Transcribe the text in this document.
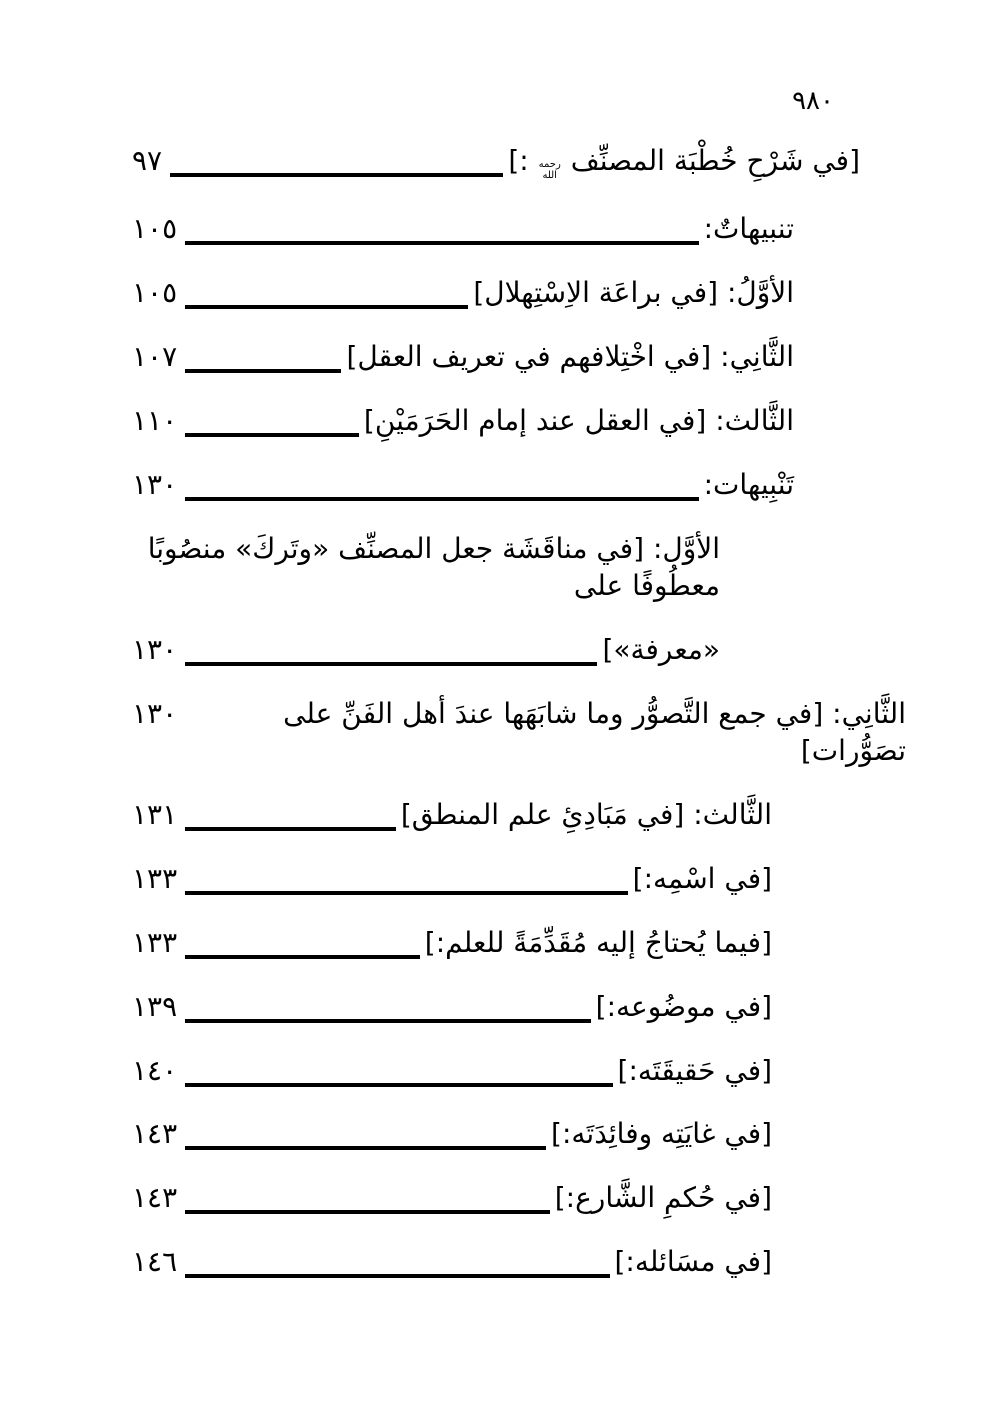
٩٨٠
[في شَرْحِ خُطْبَة المصنِّف
رحمه الله
:]
٩٧
تنبيهاتٌ:
١٠٥
الأوَّلُ: [في براعَة الاِسْتِهلال]
١٠٥
الثَّانِي: [في اخْتِلافهم في تعريف العقل]
١٠٧
الثَّالث: [في العقل عند إمام الحَرَمَيْنِ]
١١٠
تَنْبِيهات:
١٣٠
الأوَّل: [في مناقَشَة جعل المصنِّف «وتَركَ» منصُوبًا معطُوفًا على
«معرفة»]
١٣٠
الثَّانِي: [في جمع التَّصوُّر وما شابَهَها عندَ أهل الفَنِّ على تصَوُّرات]
١٣٠
الثَّالث: [في مَبَادِئِ علم المنطق]
١٣١
[في اسْمِه:]
١٣٣
[فيما يُحتاجُ إليه مُقَدِّمَةً للعلم:]
١٣٣
[في موضُوعه:]
١٣٩
[في حَقيقَتَه:]
١٤٠
[في غايَتِه وفائِدَتَه:]
١٤٣
[في حُكمِ الشَّارع:]
١٤٣
[في مسَائله:]
١٤٦
